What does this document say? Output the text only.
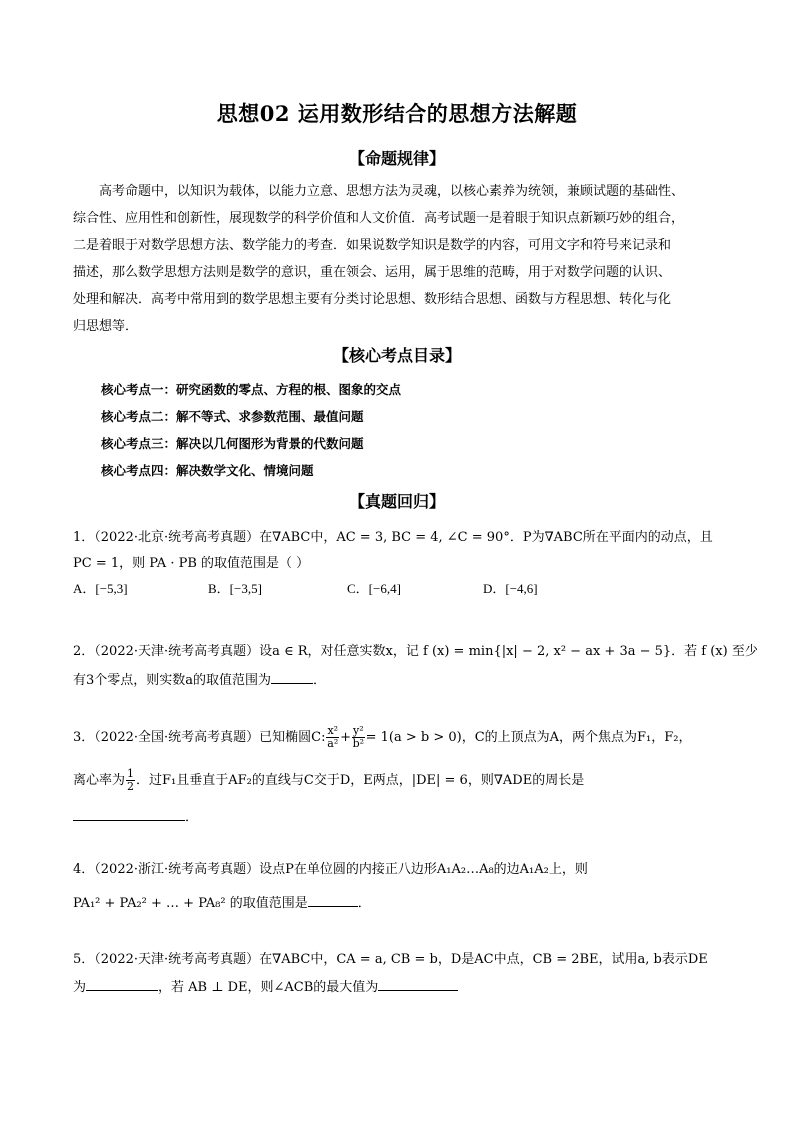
思想02 运用数形结合的思想方法解题
【命题规律】
高考命题中，以知识为载体，以能力立意、思想方法为灵魂，以核心素养为统领，兼顾试题的基础性、
综合性、应用性和创新性，展现数学的科学价值和人文价值．高考试题一是着眼于知识点新颖巧妙的组合，
二是着眼于对数学思想方法、数学能力的考查．如果说数学知识是数学的内容，可用文字和符号来记录和
描述，那么数学思想方法则是数学的意识，重在领会、运用，属于思维的范畴，用于对数学问题的认识、
处理和解决．高考中常用到的数学思想主要有分类讨论思想、数形结合思想、函数与方程思想、转化与化
归思想等．
【核心考点目录】
核心考点一：研究函数的零点、方程的根、图象的交点
核心考点二：解不等式、求参数范围、最值问题
核心考点三：解决以几何图形为背景的代数问题
核心考点四：解决数学文化、情境问题
【真题回归】
1．（2022·北京·统考高考真题）在∇ABC中，AC = 3, BC = 4, ∠C = 90°．P为∇ABC所在平面内的动点，且
PC = 1，则 PA · PB 的取值范围是（ ）
A．[−5,3]	B．[−3,5]	C．[−6,4]	D．[−4,6]
2．（2022·天津·统考高考真题）设a ∈ R，对任意实数x，记 f (x) = min{|x| − 2, x² − ax + 3a − 5}．若 f (x) 至少
有3个零点，则实数a的取值范围为	．
3．（2022·全国·统考高考真题）已知椭圆C: $\frac{\text{x²}}{\text{a²}} + \frac{\text{y²}}{\text{b²}} = 1(a > b > 0)$，C的上顶点为A，两个焦点为F₁，F₂，
离心率为 $\frac{1}{2}$ ．过F₁且垂直于AF₂的直线与C交于D，E两点，|DE| = 6，则∇ADE的周长是
．
4．（2022·浙江·统考高考真题）设点P在单位圆的内接正八边形A₁A₂…A₈的边A₁A₂上，则
PA₁² + PA₂² + … + PA₈² 的取值范围是	．
5．（2022·天津·统考高考真题）在∇ABC中，CA = a, CB = b，D是AC中点，CB = 2BE，试用a, b表示DE
为	，若 AB ⊥ DE，则∠ACB的最大值为
